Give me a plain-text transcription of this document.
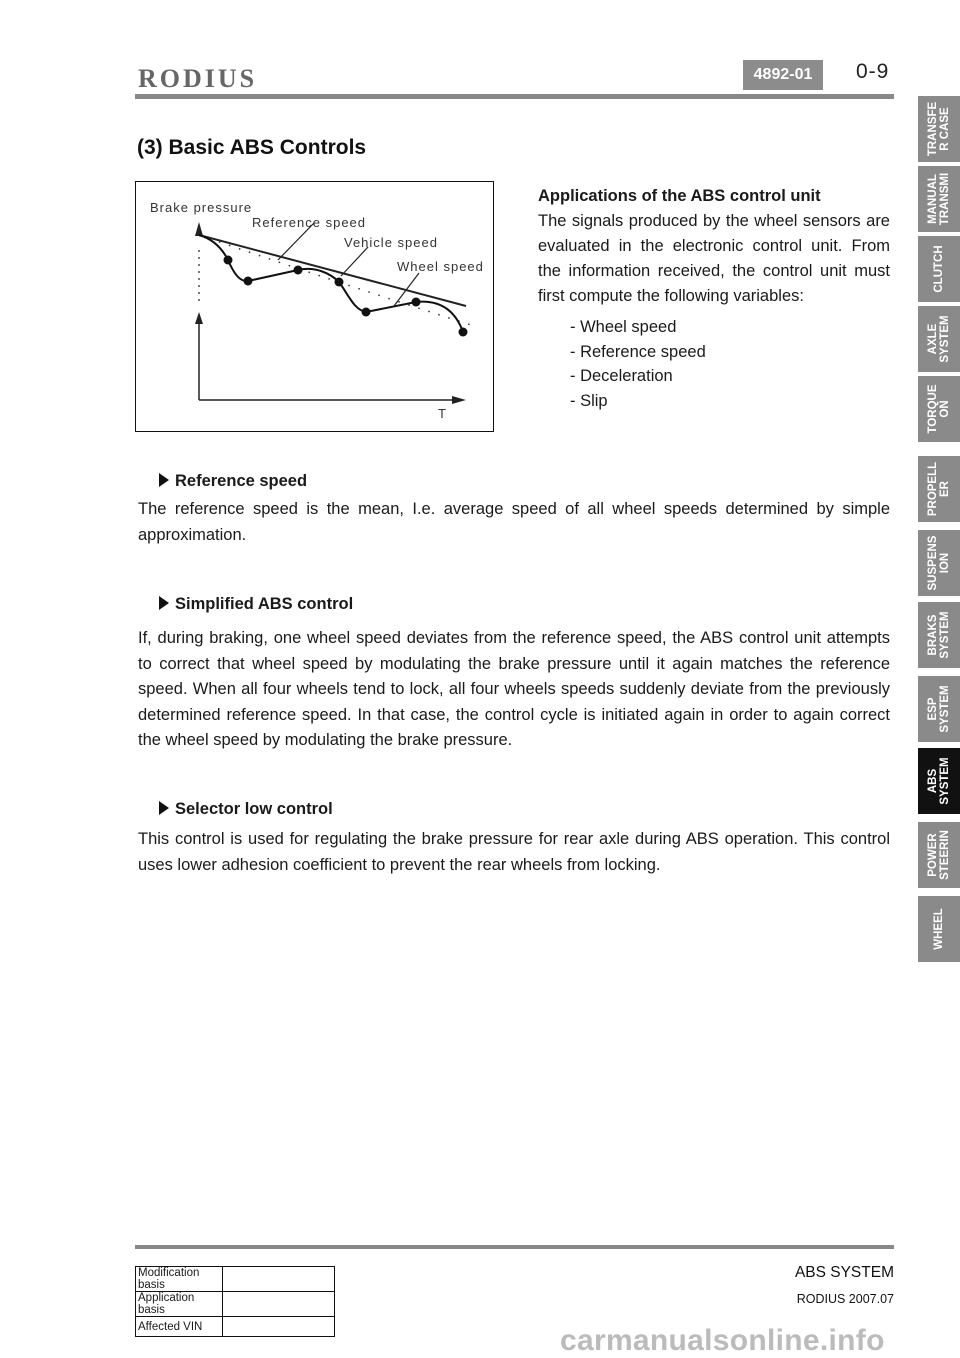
RODIUS	4892-01	0-9
(3) Basic ABS Controls
Brake pressure
Reference speed
Vehicle speed
Wheel speed
T
Applications of the ABS control unit

The signals produced by the wheel sensors are evaluated in the electronic control unit. From the information received, the control unit must first compute the following variables:

- Wheel speed
- Reference speed
- Deceleration
- Slip
Reference speed

The reference speed is the mean, I.e. average speed of all wheel speeds determined by simple approximation.

Simplified ABS control

If, during braking, one wheel speed deviates from the reference speed, the ABS control unit attempts to correct that wheel speed by modulating the brake pressure until it again matches the reference speed. When all four wheels tend to lock, all four wheels speeds suddenly deviate from the previously determined reference speed. In that case, the control cycle is initiated again in order to again correct the wheel speed by modulating the brake pressure.

Selector low control

This control is used for regulating the brake pressure for rear axle during ABS operation. This control uses lower adhesion coefficient to prevent the rear wheels from locking.

TRANSFE
R CASE
MANUAL
TRANSMI
CLUTCH
AXLE
SYSTEM
TORQUE
ON
PROPELL
ER
SUSPENS
ION
BRAKS
SYSTEM
ESP
SYSTEM
ABS
SYSTEM
POWER
STEERIN
WHEEL
Modification basis	
Application basis	
Affected VIN	
ABS SYSTEM
RODIUS 2007.07
carmanualsonline.info
